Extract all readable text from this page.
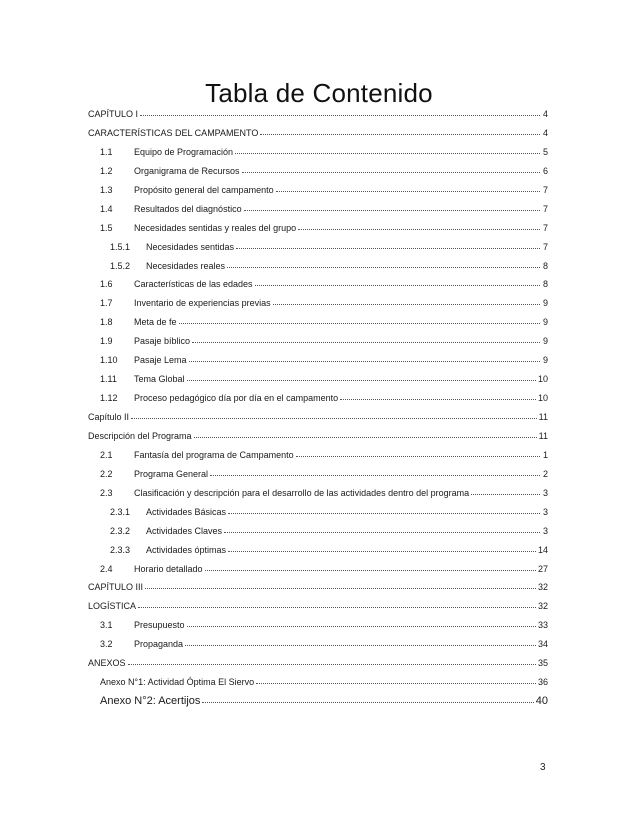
Tabla de Contenido
CAPÍTULO I	4
CARACTERÍSTICAS DEL CAMPAMENTO	4
1.1	Equipo de Programación	5
1.2	Organigrama de Recursos	6
1.3	Propósito general del campamento	7
1.4	Resultados del diagnóstico	7
1.5	Necesidades sentidas y reales del grupo	7
1.5.1	Necesidades sentidas	7
1.5.2	Necesidades reales	8
1.6	Características de las edades	8
1.7	Inventario de experiencias previas	9
1.8	Meta de fe	9
1.9	Pasaje bíblico	9
1.10	Pasaje Lema	9
1.11	Tema Global	10
1.12	Proceso pedagógico día por día en el campamento	10
Capítulo II	11
Descripción del Programa	11
2.1	Fantasía del programa de Campamento	1
2.2	Programa General	2
2.3	Clasificación y descripción para el desarrollo de las actividades dentro del programa	3
2.3.1	Actividades Básicas	3
2.3.2	Actividades Claves	3
2.3.3	Actividades óptimas	14
2.4	Horario detallado	27
CAPÍTULO III	32
LOGÍSTICA	32
3.1	Presupuesto	33
3.2	Propaganda	34
ANEXOS	35
Anexo N°1: Actividad Óptima El Siervo	36
Anexo N°2: Acertijos	40
3
